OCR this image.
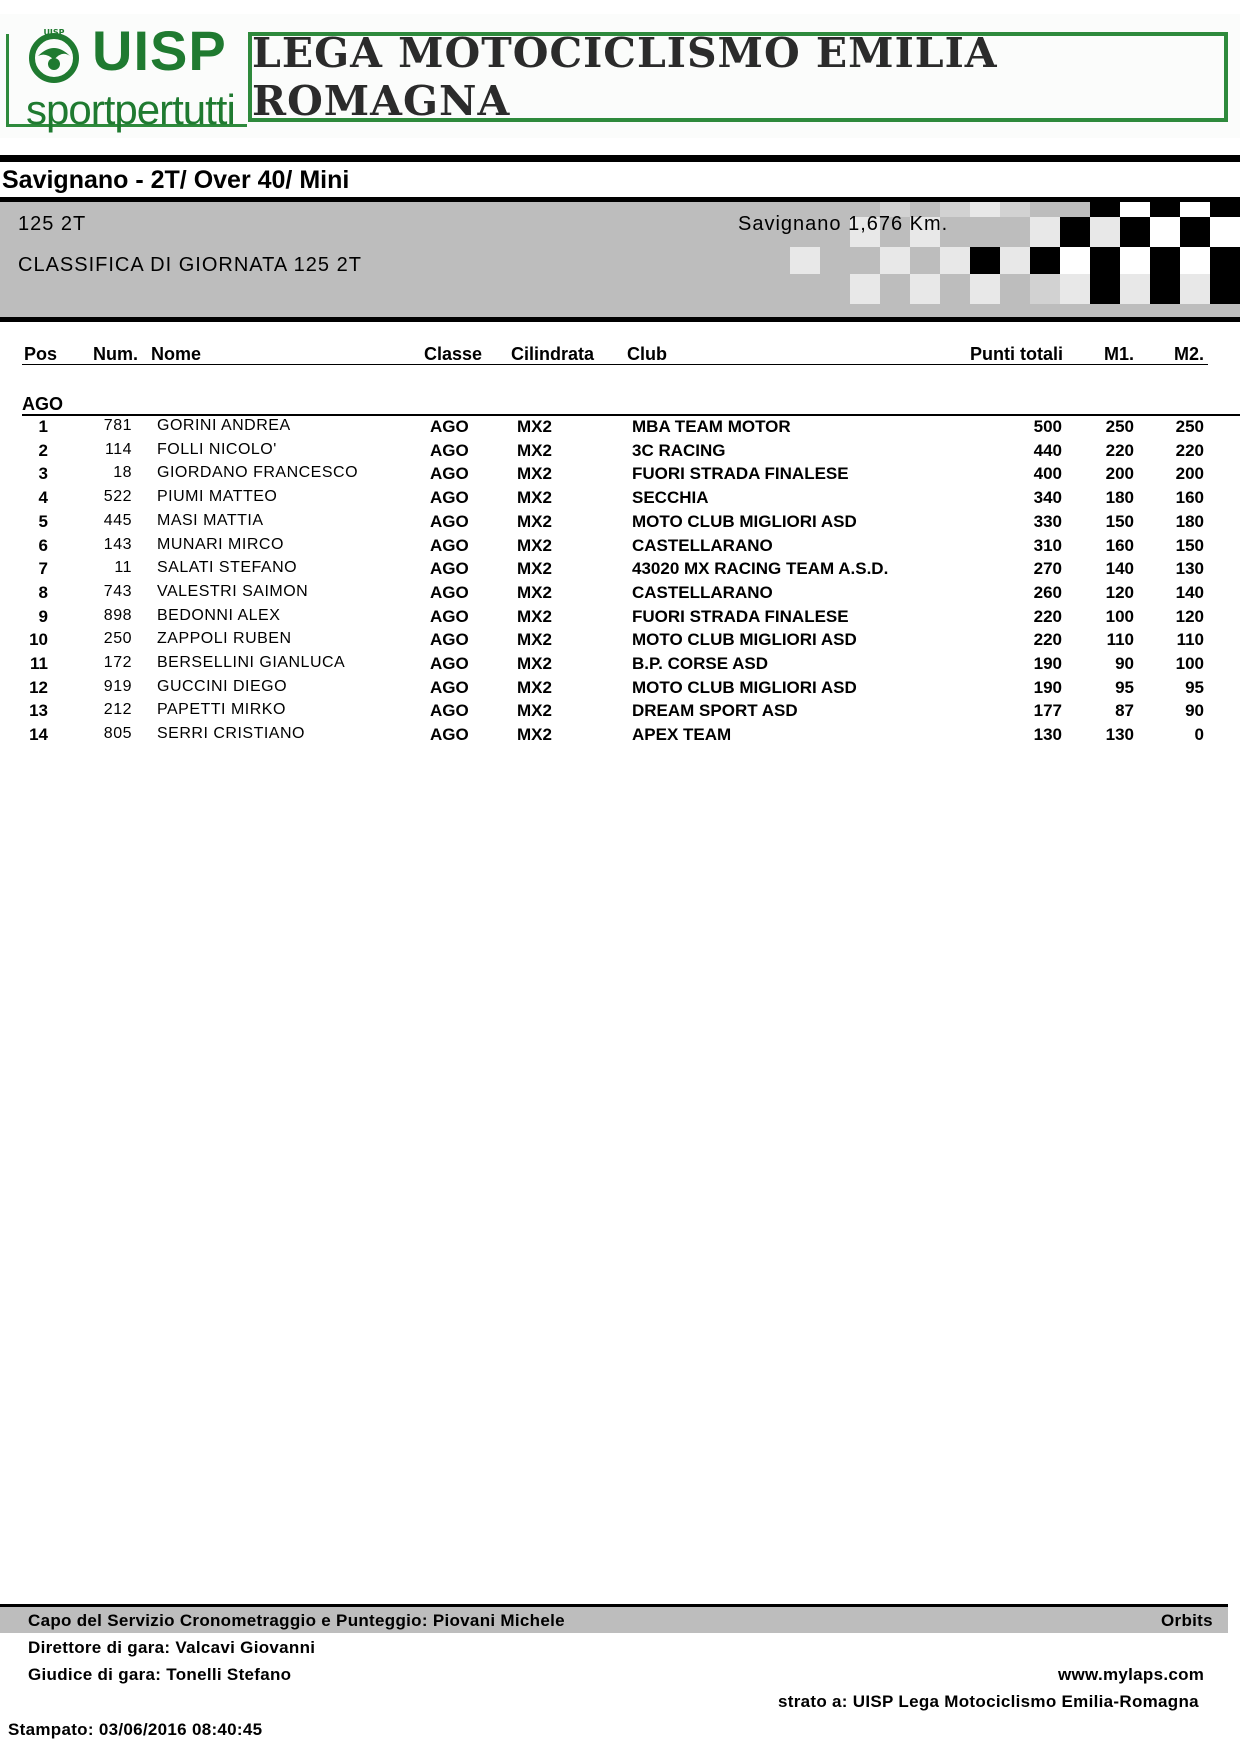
UISP UISP
sportpertutti
LEGA MOTOCICLISMO EMILIA ROMAGNA
Savignano - 2T/ Over 40/ Mini
125 2T
CLASSIFICA DI GIORNATA 125 2T
Savignano 1,676 Km.
Pos Num. Nome	Classe Cilindrata Club	Punti totali M1. M2.
AGO
1	781 GORINI ANDREA	AGO	MX2	MBA TEAM MOTOR	500	250	250
2	114 FOLLI NICOLO'	AGO	MX2	3C RACING	440	220	220
3	18 GIORDANO FRANCESCO	AGO	MX2	FUORI STRADA FINALESE	400	200	200
4	522 PIUMI MATTEO	AGO	MX2	SECCHIA	340	180	160
5	445 MASI MATTIA	AGO	MX2	MOTO CLUB MIGLIORI ASD	330	150	180
6	143 MUNARI MIRCO	AGO	MX2	CASTELLARANO	310	160	150
7	11 SALATI STEFANO	AGO	MX2	43020 MX RACING TEAM A.S.D.	270	140	130
8	743 VALESTRI SAIMON	AGO	MX2	CASTELLARANO	260	120	140
9	898 BEDONNI ALEX	AGO	MX2	FUORI STRADA FINALESE	220	100	120
10	250 ZAPPOLI RUBEN	AGO	MX2	MOTO CLUB MIGLIORI ASD	220	110	110
11	172 BERSELLINI GIANLUCA	AGO	MX2	B.P. CORSE ASD	190	90	100
12	919 GUCCINI DIEGO	AGO	MX2	MOTO CLUB MIGLIORI ASD	190	95	95
13	212 PAPETTI MIRKO	AGO	MX2	DREAM SPORT ASD	177	87	90
14	805 SERRI CRISTIANO	AGO	MX2	APEX TEAM	130	130	0
Capo del Servizio Cronometraggio e Punteggio: Piovani Michele	Orbits
Direttore di gara: Valcavi Giovanni
Giudice di gara: Tonelli Stefano	www.mylaps.com
strato a: UISP Lega Motociclismo Emilia-Romagna
Stampato: 03/06/2016 08:40:45
